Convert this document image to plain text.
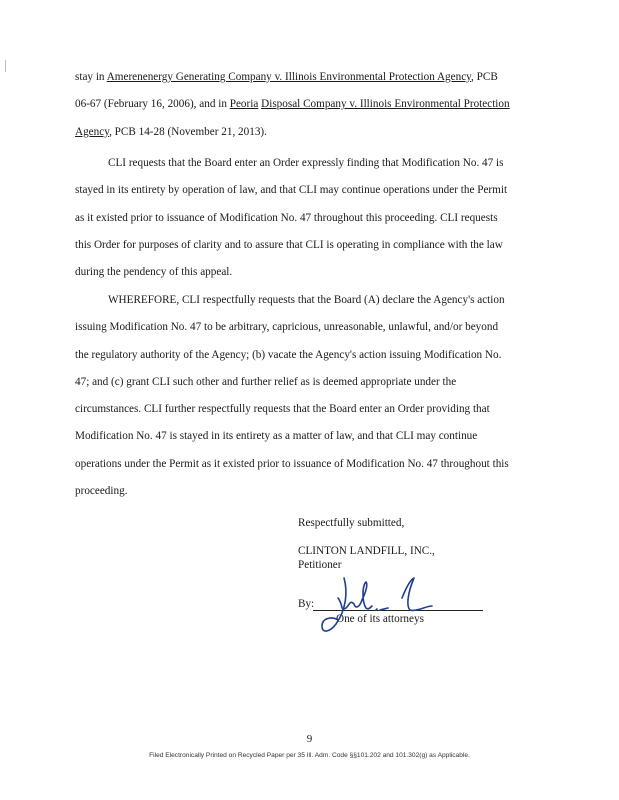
stay in Amerenenergy Generating Company v. Illinois Environmental Protection Agency, PCB
06-67 (February 16, 2006), and in Peoria Disposal Company v. Illinois Environmental Protection
Agency, PCB 14-28 (November 21, 2013).
CLI requests that the Board enter an Order expressly finding that Modification No. 47 is
stayed in its entirety by operation of law, and that CLI may continue operations under the Permit
as it existed prior to issuance of Modification No. 47 throughout this proceeding. CLI requests
this Order for purposes of clarity and to assure that CLI is operating in compliance with the law
during the pendency of this appeal.
WHEREFORE, CLI respectfully requests that the Board (A) declare the Agency's action
issuing Modification No. 47 to be arbitrary, capricious, unreasonable, unlawful, and/or beyond
the regulatory authority of the Agency; (b) vacate the Agency's action issuing Modification No.
47; and (c) grant CLI such other and further relief as is deemed appropriate under the
circumstances. CLI further respectfully requests that the Board enter an Order providing that
Modification No. 47 is stayed in its entirety as a matter of law, and that CLI may continue
operations under the Permit as it existed prior to issuance of Modification No. 47 throughout this
proceeding.
Respectfully submitted,
CLINTON LANDFILL, INC.,
Petitioner
By:
One of its attorneys
9
Filed Electronically Printed on Recycled Paper per 35 Ill. Adm. Code §§101.202 and 101.302(g) as Applicable.
